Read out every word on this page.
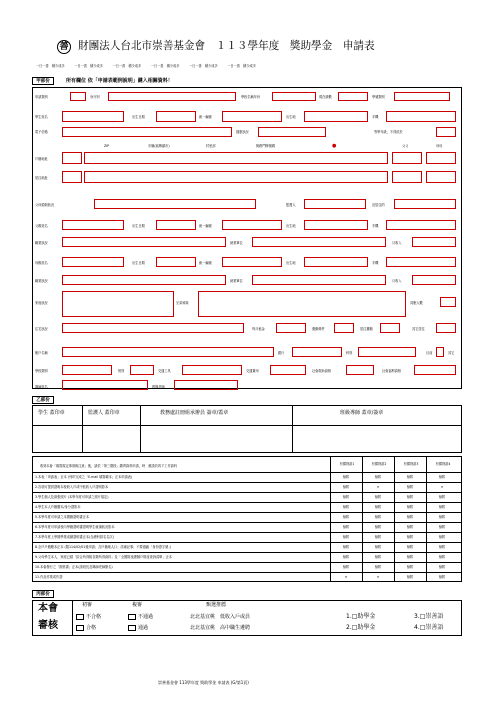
善 財團法人台北市崇善基金會　１１３學年度　獎助學金　申請表
一日一善　積少成多　　　一日一善　積少成多　　　一日一善　積少成多　　　一日一善　積少成多　　　一日一善　積少成多　　　一日一善　積少成多
甲部份	所有欄位 依「申請表範例說明」鍵入相關資料！
申請類別	身分別	學校名稱年份	現在級數	學號類別
學生姓名	出生日期	統一編號	出生地	手機
電子信箱	健康狀況	等學年級，不得低於
ZIP	市縣(區鄉鎮市)	村里部	街路門牌號碼	●	父父	母母
戶籍地址
居住地址
父母婚姻狀況	監護人	及居住的
父親姓名	出生日期	統一編號	出生地	手機
職業狀況	就業單位	月收入
母親姓名	出生日期	統一編號	出生地	手機
職業狀況	就業單位	月收入
家庭狀況	兄弟姊妹	同胞人數
住宅狀況	每月租金	運動條件	居住費額	其它居住
帳戶名稱	銀行	科別	目前	其它
學校類別	班別	交通工具	交通費用	社會救助資格	社會福利資格
導師姓名	教導老師
乙部份
學生 蓋印章	監護人 蓋印章	教務處註冊組承辦員 簽章/蓋章	班級導師 蓋章/簽章
收到本會「填寫規定事項與注意」後，請依「第三階段」繳齊資料申請，時　應請於四下工作資料	有償貸款1	有償貸款2	有償貸款3	有償貸款4
1.本表「申請表」正本 (列印完成之「E-mail 填寫範本」正本申請表)	檢附	檢附	檢附	檢附
2.各項可提供證明本校收入戶或中低收入戶證明影本	檢附	✕	檢附	✕
3.學生個人及兩張照片 (本學年度可申請之照片規定)	檢附	檢附	檢附	檢附
4.學生本人戶籍謄本/身分證影本	檢附	檢附	檢附	檢附
5.本學年度可申請之本國籍證明書正本	檢附	檢附	檢附	檢附
6.本學年度可申請校內學籍證明書證明學生就讀狀況影本	檢附	檢附	檢附	檢附
7.本學年度上學期學業成績證明書正本(含總科排名名次)	檢附	檢附	檢附	檢附
8.全戶戶籍謄本正本 (限114/02/01後申請；含戶籍地人口；詳細記事；不要遮蔽「身份證字號」)	檢附	檢附	檢附	檢附
9.父母學生本人、家庭已婚「綜合所得稅各類所得資料」及「全國財產總歸戶財產查詢清單」正本	檢附	檢附	檢附	檢附
10.本會發行之「推薦書」正本(請班長及導師老師簽名)	檢附	檢附	檢附	檢附
11.作品作業或作證	✕	✕	檢附	檢附
丙部份
本會
審核
初審	複審	甄選推薦
不合格	不通過	北北基宜桃　低收入戶或員	1.□助學金	3.□崇善語
合格	通過	北北基宜桃　高中職生遴聘	2.□助學金	4.□崇善語
崇善基金會 113學年度 獎助學金 申請表 (G/第1頁)
